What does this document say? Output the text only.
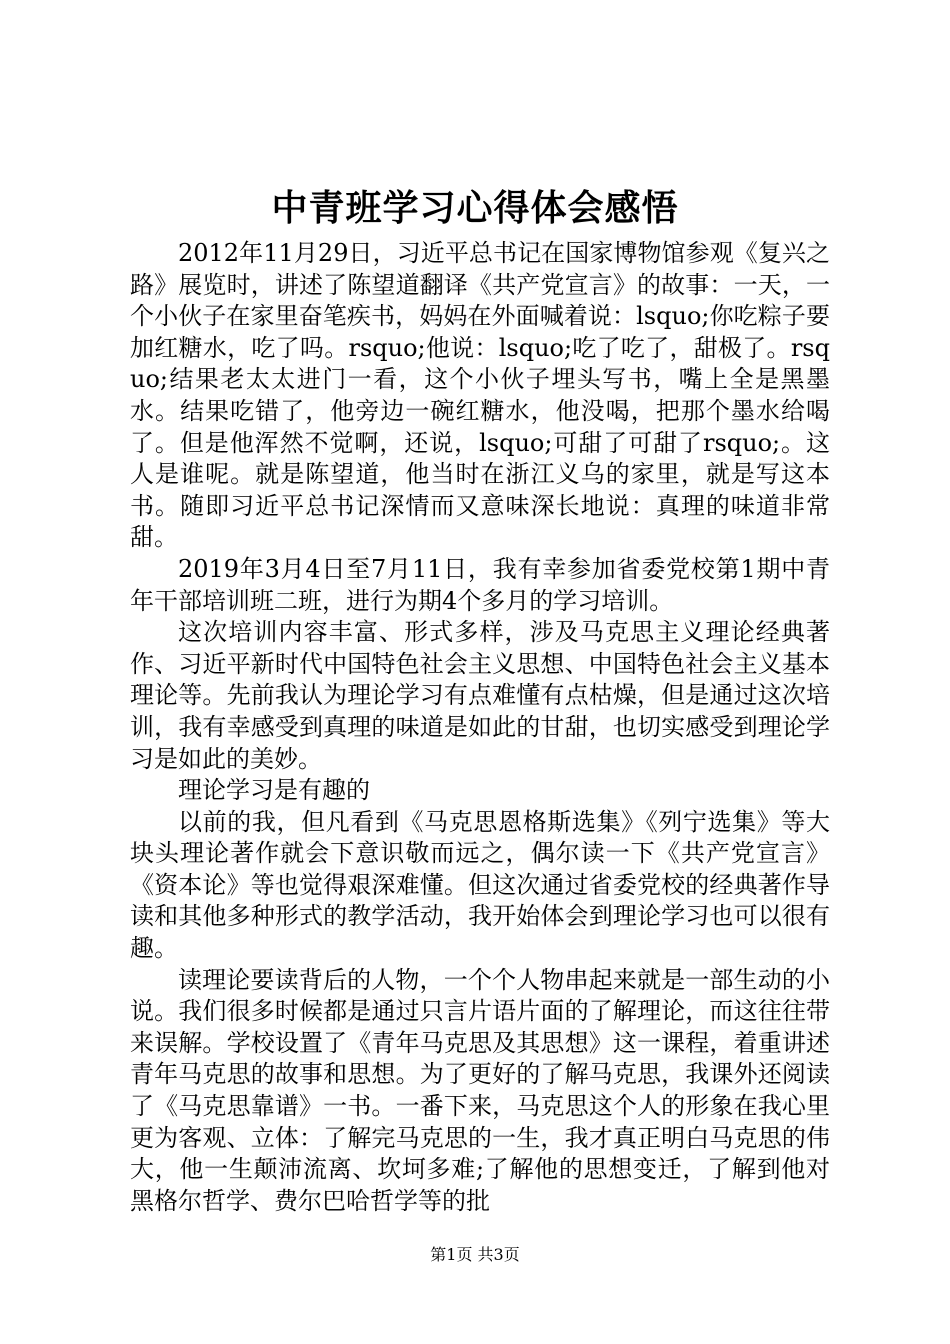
中青班学习心得体会感悟

2012年11月29日，习近平总书记在国家博物馆参观《复兴之路》展览时，讲述了陈望道翻译《共产党宣言》的故事：一天，一个小伙子在家里奋笔疾书，妈妈在外面喊着说：lsquo;你吃粽子要加红糖水，吃了吗。rsquo;他说：lsquo;吃了吃了，甜极了。rsquo;结果老太太进门一看，这个小伙子埋头写书，嘴上全是黑墨水。结果吃错了，他旁边一碗红糖水，他没喝，把那个墨水给喝了。但是他浑然不觉啊，还说，lsquo;可甜了可甜了rsquo;。这人是谁呢。就是陈望道，他当时在浙江义乌的家里，就是写这本书。随即习近平总书记深情而又意味深长地说：真理的味道非常甜。

2019年3月4日至7月11日，我有幸参加省委党校第1期中青年干部培训班二班，进行为期4个多月的学习培训。

这次培训内容丰富、形式多样，涉及马克思主义理论经典著作、习近平新时代中国特色社会主义思想、中国特色社会主义基本理论等。先前我认为理论学习有点难懂有点枯燥，但是通过这次培训，我有幸感受到真理的味道是如此的甘甜，也切实感受到理论学习是如此的美妙。

理论学习是有趣的

以前的我，但凡看到《马克思恩格斯选集》《列宁选集》等大块头理论著作就会下意识敬而远之，偶尔读一下《共产党宣言》《资本论》等也觉得艰深难懂。但这次通过省委党校的经典著作导读和其他多种形式的教学活动，我开始体会到理论学习也可以很有趣。

读理论要读背后的人物，一个个人物串起来就是一部生动的小说。我们很多时候都是通过只言片语片面的了解理论，而这往往带来误解。学校设置了《青年马克思及其思想》这一课程，着重讲述青年马克思的故事和思想。为了更好的了解马克思，我课外还阅读了《马克思靠谱》一书。一番下来，马克思这个人的形象在我心里更为客观、立体：了解完马克思的一生，我才真正明白马克思的伟大，他一生颠沛流离、坎坷多难;了解他的思想变迁，了解到他对黑格尔哲学、费尔巴哈哲学等的批

第1页 共3页
